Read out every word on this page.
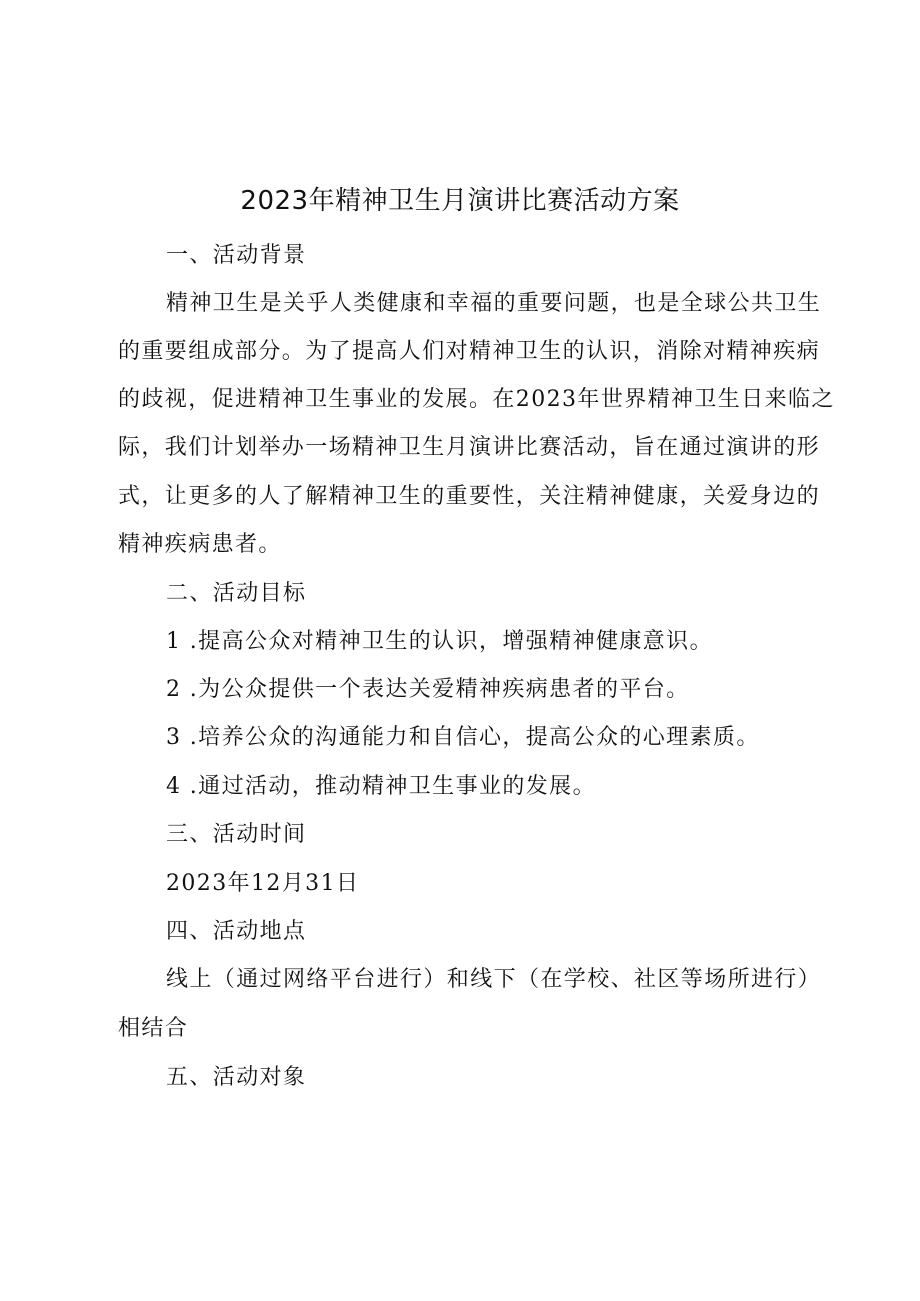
2023年精神卫生月演讲比赛活动方案
一、活动背景
精神卫生是关乎人类健康和幸福的重要问题，也是全球公共卫生
的重要组成部分。为了提高人们对精神卫生的认识，消除对精神疾病
的歧视，促进精神卫生事业的发展。在2023年世界精神卫生日来临之
际，我们计划举办一场精神卫生月演讲比赛活动，旨在通过演讲的形
式，让更多的人了解精神卫生的重要性，关注精神健康，关爱身边的
精神疾病患者。
二、活动目标
1 .提高公众对精神卫生的认识，增强精神健康意识。
2 .为公众提供一个表达关爱精神疾病患者的平台。
3 .培养公众的沟通能力和自信心，提高公众的心理素质。
4 .通过活动，推动精神卫生事业的发展。
三、活动时间
2023年12月31日
四、活动地点
线上（通过网络平台进行）和线下（在学校、社区等场所进行）
相结合
五、活动对象
